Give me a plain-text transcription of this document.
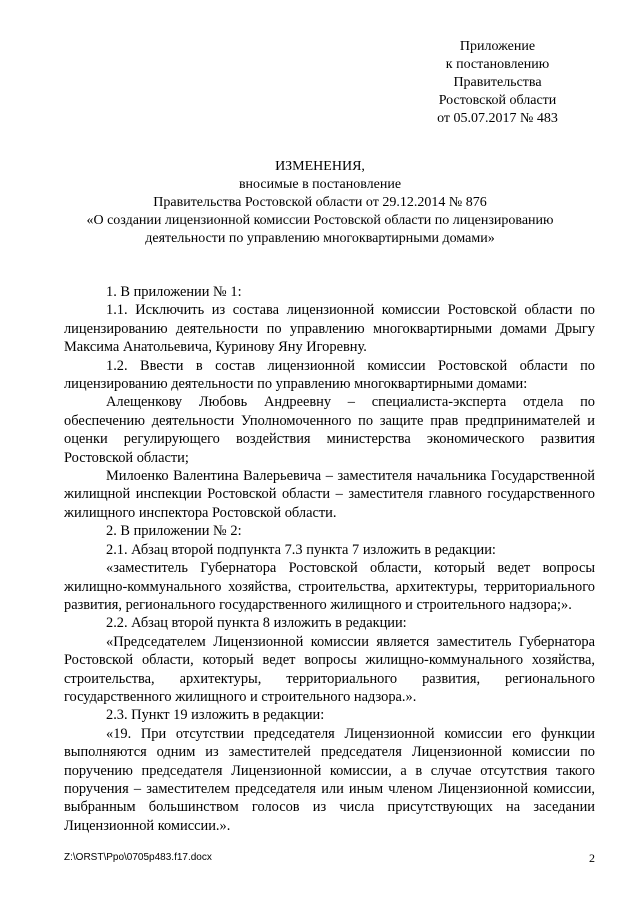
Приложение
к постановлению
Правительства
Ростовской области
от 05.07.2017 № 483
ИЗМЕНЕНИЯ,
вносимые в постановление
Правительства Ростовской области от 29.12.2014 № 876
«О создании лицензионной комиссии Ростовской области по лицензированию
деятельности по управлению многоквартирными домами»

1. В приложении № 1:

1.1. Исключить из состава лицензионной комиссии Ростовской области по лицензированию деятельности по управлению многоквартирными домами Дрыгу Максима Анатольевича, Куринову Яну Игоревну.

1.2. Ввести в состав лицензионной комиссии Ростовской области по лицензированию деятельности по управлению многоквартирными домами:

Алещенкову Любовь Андреевну – специалиста-эксперта отдела по обеспечению деятельности Уполномоченного по защите прав предпринимателей и оценки регулирующего воздействия министерства экономического развития Ростовской области;

Милоенко Валентина Валерьевича – заместителя начальника Государственной жилищной инспекции Ростовской области – заместителя главного государственного жилищного инспектора Ростовской области.

2. В приложении № 2:

2.1. Абзац второй подпункта 7.3 пункта 7 изложить в редакции:

«заместитель Губернатора Ростовской области, который ведет вопросы жилищно-коммунального хозяйства, строительства, архитектуры, территориального развития, регионального государственного жилищного и строительного надзора;».

2.2. Абзац второй пункта 8 изложить в редакции:

«Председателем Лицензионной комиссии является заместитель Губернатора Ростовской области, который ведет вопросы жилищно-коммунального хозяйства, строительства, архитектуры, территориального развития, регионального государственного жилищного и строительного надзора.».

2.3. Пункт 19 изложить в редакции:

«19. При отсутствии председателя Лицензионной комиссии его функции выполняются одним из заместителей председателя Лицензионной комиссии по поручению председателя Лицензионной комиссии, а в случае отсутствия такого поручения – заместителем председателя или иным членом Лицензионной комиссии, выбранным большинством голосов из числа присутствующих на заседании Лицензионной комиссии.».

Z:\ORST\Ppo\0705p483.f17.docx	2
